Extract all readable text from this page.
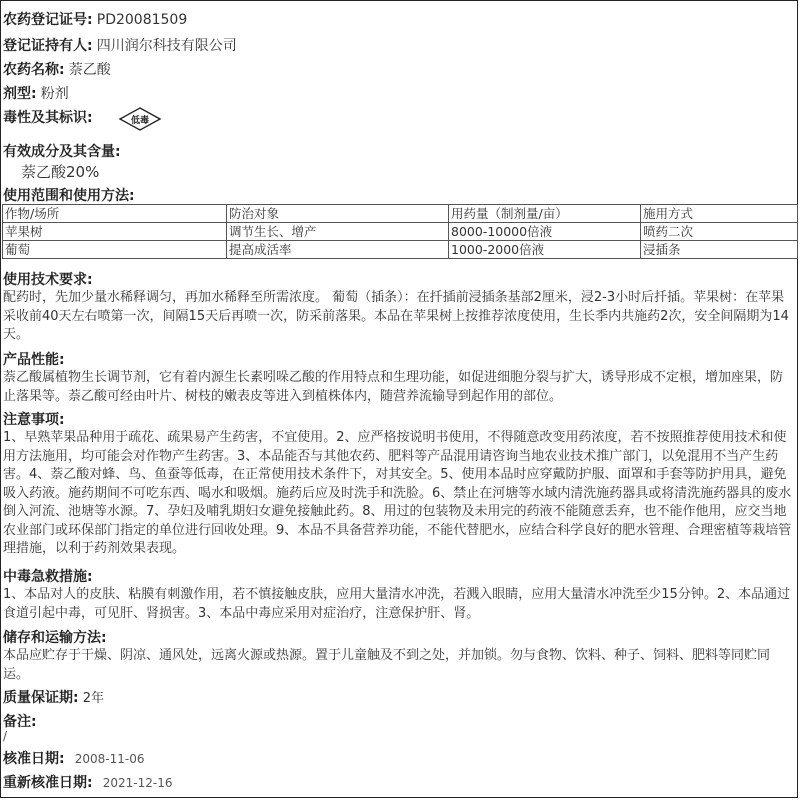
农药登记证号: PD20081509
登记证持有人: 四川润尔科技有限公司
农药名称: 萘乙酸
剂型: 粉剂
毒性及其标识:	低毒
有效成分及其含量:
萘乙酸20%
使用范围和使用方法:
作物/场所	防治对象	用药量（制剂量/亩）	施用方式
苹果树	调节生长、增产	8000-10000倍液	喷药二次
葡萄	提高成活率	1000-2000倍液	浸插条
使用技术要求:
配药时，先加少量水稀释调匀，再加水稀释至所需浓度。 葡萄（插条）：在扦插前浸插条基部2厘米，浸2-3小时后扦插。苹果树：在苹果采收前40天左右喷第一次，间隔15天后再喷一次，防采前落果。本品在苹果树上按推荐浓度使用，生长季内共施药2次，安全间隔期为14天。
产品性能:
萘乙酸属植物生长调节剂，它有着内源生长素吲哚乙酸的作用特点和生理功能，如促进细胞分裂与扩大，诱导形成不定根，增加座果，防止落果等。萘乙酸可经由叶片、树枝的嫩表皮等进入到植株体内，随营养流输导到起作用的部位。
注意事项:
1、早熟苹果品种用于疏花、疏果易产生药害，不宜使用。2、应严格按说明书使用，不得随意改变用药浓度，若不按照推荐使用技术和使用方法施用，均可能会对作物产生药害。3、本品能否与其他农药、肥料等产品混用请咨询当地农业技术推广部门，以免混用不当产生药害。4、萘乙酸对蜂、鸟、鱼蚕等低毒，在正常使用技术条件下，对其安全。5、使用本品时应穿戴防护服、面罩和手套等防护用具，避免吸入药液。施药期间不可吃东西、喝水和吸烟。施药后应及时洗手和洗脸。6、禁止在河塘等水域内清洗施药器具或将清洗施药器具的废水倒入河流、池塘等水源。7、孕妇及哺乳期妇女避免接触此药。8、用过的包装物及未用完的药液不能随意丢弃，也不能作他用，应交当地农业部门或环保部门指定的单位进行回收处理。9、本品不具备营养功能，不能代替肥水，应结合科学良好的肥水管理、合理密植等栽培管理措施，以利于药剂效果表现。
中毒急救措施:
1、本品对人的皮肤、粘膜有刺激作用，若不慎接触皮肤，应用大量清水冲洗，若溅入眼睛，应用大量清水冲洗至少15分钟。2、本品通过食道引起中毒，可见肝、肾损害。3、本品中毒应采用对症治疗，注意保护肝、肾。
储存和运输方法:
本品应贮存于干燥、阴凉、通风处，远离火源或热源。置于儿童触及不到之处，并加锁。勿与食物、饮料、种子、饲料、肥料等同贮同运。
质量保证期: 2年
备注:
/
核准日期: 2008-11-06
重新核准日期: 2021-12-16
